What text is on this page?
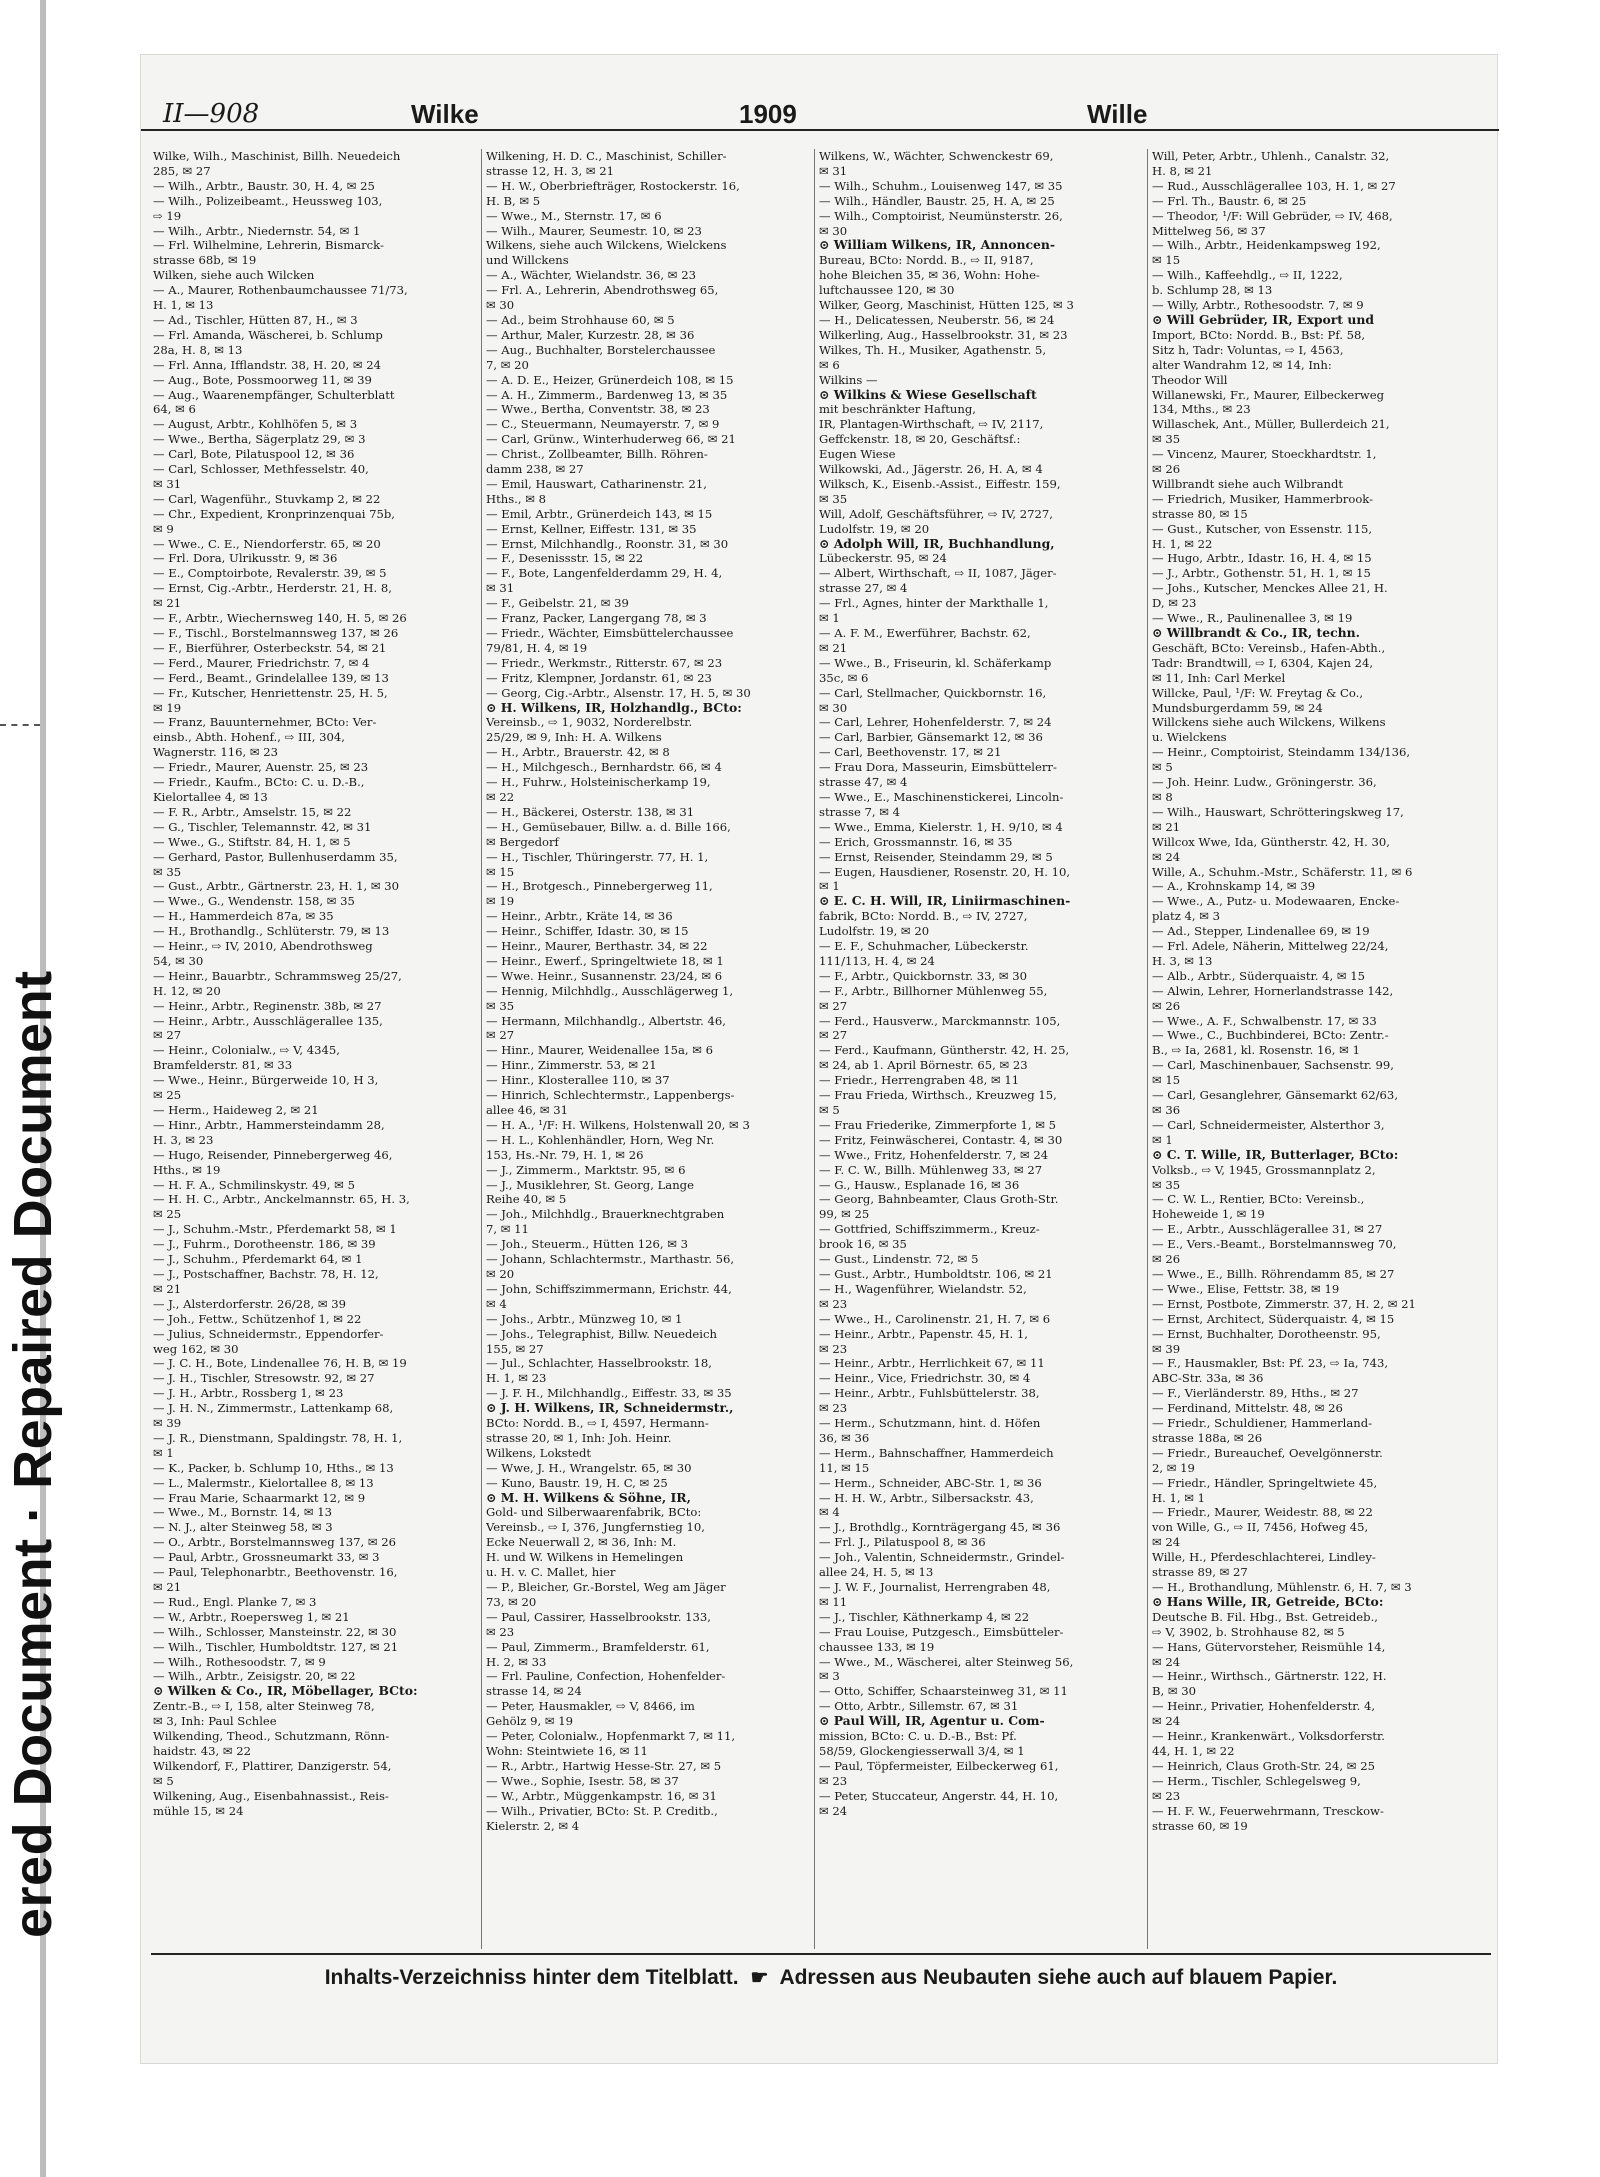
ered Document · Repaired Document
II—908	Wilke	1909	Wille
Wilke, Wilh., Maschinist, Billh. Neuedeich
285, ✉ 27
— Wilh., Arbtr., Baustr. 30, H. 4, ✉ 25
— Wilh., Polizeibeamt., Heussweg 103,
⇨ 19
— Wilh., Arbtr., Niedernstr. 54, ✉ 1
— Frl. Wilhelmine, Lehrerin, Bismarck-
strasse 68b, ✉ 19
Wilken, siehe auch Wilcken
— A., Maurer, Rothenbaumchaussee 71/73,
H. 1, ✉ 13
— Ad., Tischler, Hütten 87, H., ✉ 3
— Frl. Amanda, Wäscherei, b. Schlump
28a, H. 8, ✉ 13
— Frl. Anna, Ifflandstr. 38, H. 20, ✉ 24
— Aug., Bote, Possmoorweg 11, ✉ 39
— Aug., Waarenempfänger, Schulterblatt
64, ✉ 6
— August, Arbtr., Kohlhöfen 5, ✉ 3
— Wwe., Bertha, Sägerplatz 29, ✉ 3
— Carl, Bote, Pilatuspool 12, ✉ 36
— Carl, Schlosser, Methfesselstr. 40,
✉ 31
— Carl, Wagenführ., Stuvkamp 2, ✉ 22
— Chr., Expedient, Kronprinzenquai 75b,
✉ 9
— Wwe., C. E., Niendorferstr. 65, ✉ 20
— Frl. Dora, Ulrikusstr. 9, ✉ 36
— E., Comptoirbote, Revalerstr. 39, ✉ 5
— Ernst, Cig.-Arbtr., Herderstr. 21, H. 8,
✉ 21
— F., Arbtr., Wiechernsweg 140, H. 5, ✉ 26
— F., Tischl., Borstelmannsweg 137, ✉ 26
— F., Bierführer, Osterbeckstr. 54, ✉ 21
— Ferd., Maurer, Friedrichstr. 7, ✉ 4
— Ferd., Beamt., Grindelallee 139, ✉ 13
— Fr., Kutscher, Henriettenstr. 25, H. 5,
✉ 19
— Franz, Bauunternehmer, BCto: Ver-
einsb., Abth. Hohenf., ⇨ III, 304,
Wagnerstr. 116, ✉ 23
— Friedr., Maurer, Auenstr. 25, ✉ 23
— Friedr., Kaufm., BCto: C. u. D.-B.,
Kielortallee 4, ✉ 13
— F. R., Arbtr., Amselstr. 15, ✉ 22
— G., Tischler, Telemannstr. 42, ✉ 31
— Wwe., G., Stiftstr. 84, H. 1, ✉ 5
— Gerhard, Pastor, Bullenhuserdamm 35,
✉ 35
— Gust., Arbtr., Gärtnerstr. 23, H. 1, ✉ 30
— Wwe., G., Wendenstr. 158, ✉ 35
— H., Hammerdeich 87a, ✉ 35
— H., Brothandlg., Schlüterstr. 79, ✉ 13
— Heinr., ⇨ IV, 2010, Abendrothsweg
54, ✉ 30
— Heinr., Bauarbtr., Schrammsweg 25/27,
H. 12, ✉ 20
— Heinr., Arbtr., Reginenstr. 38b, ✉ 27
— Heinr., Arbtr., Ausschlägerallee 135,
✉ 27
— Heinr., Colonialw., ⇨ V, 4345,
Bramfelderstr. 81, ✉ 33
— Wwe., Heinr., Bürgerweide 10, H 3,
✉ 25
— Herm., Haideweg 2, ✉ 21
— Hinr., Arbtr., Hammersteindamm 28,
H. 3, ✉ 23
— Hugo, Reisender, Pinnebergerweg 46,
Hths., ✉ 19
— H. F. A., Schmilinskystr. 49, ✉ 5
— H. H. C., Arbtr., Anckelmannstr. 65, H. 3,
✉ 25
— J., Schuhm.-Mstr., Pferdemarkt 58, ✉ 1
— J., Fuhrm., Dorotheenstr. 186, ✉ 39
— J., Schuhm., Pferdemarkt 64, ✉ 1
— J., Postschaffner, Bachstr. 78, H. 12,
✉ 21
— J., Alsterdorferstr. 26/28, ✉ 39
— Joh., Fettw., Schützenhof 1, ✉ 22
— Julius, Schneidermstr., Eppendorfer-
weg 162, ✉ 30
— J. C. H., Bote, Lindenallee 76, H. B, ✉ 19
— J. H., Tischler, Stresowstr. 92, ✉ 27
— J. H., Arbtr., Rossberg 1, ✉ 23
— J. H. N., Zimmermstr., Lattenkamp 68,
✉ 39
— J. R., Dienstmann, Spaldingstr. 78, H. 1,
✉ 1
— K., Packer, b. Schlump 10, Hths., ✉ 13
— L., Malermstr., Kielortallee 8, ✉ 13
— Frau Marie, Schaarmarkt 12, ✉ 9
— Wwe., M., Bornstr. 14, ✉ 13
— N. J., alter Steinweg 58, ✉ 3
— O., Arbtr., Borstelmannsweg 137, ✉ 26
— Paul, Arbtr., Grossneumarkt 33, ✉ 3
— Paul, Telephonarbtr., Beethovenstr. 16,
✉ 21
— Rud., Engl. Planke 7, ✉ 3
— W., Arbtr., Roepersweg 1, ✉ 21
— Wilh., Schlosser, Mansteinstr. 22, ✉ 30
— Wilh., Tischler, Humboldtstr. 127, ✉ 21
— Wilh., Rothesoodstr. 7, ✉ 9
— Wilh., Arbtr., Zeisigstr. 20, ✉ 22
⊙ Wilken & Co., IR, Möbellager, BCto:
Zentr.-B., ⇨ I, 158, alter Steinweg 78,
✉ 3, Inh: Paul Schlee
Wilkending, Theod., Schutzmann, Rönn-
haidstr. 43, ✉ 22
Wilkendorf, F., Plattirer, Danzigerstr. 54,
✉ 5
Wilkening, Aug., Eisenbahnassist., Reis-
mühle 15, ✉ 24
Wilkening, H. D. C., Maschinist, Schiller-
strasse 12, H. 3, ✉ 21
— H. W., Oberbriefträger, Rostockerstr. 16,
H. B, ✉ 5
— Wwe., M., Sternstr. 17, ✉ 6
— Wilh., Maurer, Seumestr. 10, ✉ 23
Wilkens, siehe auch Wilckens, Wielckens
und Willckens
— A., Wächter, Wielandstr. 36, ✉ 23
— Frl. A., Lehrerin, Abendrothsweg 65,
✉ 30
— Ad., beim Strohhause 60, ✉ 5
— Arthur, Maler, Kurzestr. 28, ✉ 36
— Aug., Buchhalter, Borstelerchaussee
7, ✉ 20
— A. D. E., Heizer, Grünerdeich 108, ✉ 15
— A. H., Zimmerm., Bardenweg 13, ✉ 35
— Wwe., Bertha, Conventstr. 38, ✉ 23
— C., Steuermann, Neumayerstr. 7, ✉ 9
— Carl, Grünw., Winterhuderweg 66, ✉ 21
— Christ., Zollbeamter, Billh. Röhren-
damm 238, ✉ 27
— Emil, Hauswart, Catharinenstr. 21,
Hths., ✉ 8
— Emil, Arbtr., Grünerdeich 143, ✉ 15
— Ernst, Kellner, Eiffestr. 131, ✉ 35
— Ernst, Milchhandlg., Roonstr. 31, ✉ 30
— F., Desenissstr. 15, ✉ 22
— F., Bote, Langenfelderdamm 29, H. 4,
✉ 31
— F., Geibelstr. 21, ✉ 39
— Franz, Packer, Langergang 78, ✉ 3
— Friedr., Wächter, Eimsbüttelerchaussee
79/81, H. 4, ✉ 19
— Friedr., Werkmstr., Ritterstr. 67, ✉ 23
— Fritz, Klempner, Jordanstr. 61, ✉ 23
— Georg, Cig.-Arbtr., Alsenstr. 17, H. 5, ✉ 30
⊙ H. Wilkens, IR, Holzhandlg., BCto:
Vereinsb., ⇨ 1, 9032, Norderelbstr.
25/29, ✉ 9, Inh: H. A. Wilkens
— H., Arbtr., Brauerstr. 42, ✉ 8
— H., Milchgesch., Bernhardstr. 66, ✉ 4
— H., Fuhrw., Holsteinischerkamp 19,
✉ 22
— H., Bäckerei, Osterstr. 138, ✉ 31
— H., Gemüsebauer, Billw. a. d. Bille 166,
✉ Bergedorf
— H., Tischler, Thüringerstr. 77, H. 1,
✉ 15
— H., Brotgesch., Pinnebergerweg 11,
✉ 19
— Heinr., Arbtr., Kräte 14, ✉ 36
— Heinr., Schiffer, Idastr. 30, ✉ 15
— Heinr., Maurer, Berthastr. 34, ✉ 22
— Heinr., Ewerf., Springeltwiete 18, ✉ 1
— Wwe. Heinr., Susannenstr. 23/24, ✉ 6
— Hennig, Milchhdlg., Ausschlägerweg 1,
✉ 35
— Hermann, Milchhandlg., Albertstr. 46,
✉ 27
— Hinr., Maurer, Weidenallee 15a, ✉ 6
— Hinr., Zimmerstr. 53, ✉ 21
— Hinr., Klosterallee 110, ✉ 37
— Hinrich, Schlechtermstr., Lappenbergs-
allee 46, ✉ 31
— H. A., ¹/F: H. Wilkens, Holstenwall 20, ✉ 3
— H. L., Kohlenhändler, Horn, Weg Nr.
153, Hs.-Nr. 79, H. 1, ✉ 26
— J., Zimmerm., Marktstr. 95, ✉ 6
— J., Musiklehrer, St. Georg, Lange
Reihe 40, ✉ 5
— Joh., Milchhdlg., Brauerknechtgraben
7, ✉ 11
— Joh., Steuerm., Hütten 126, ✉ 3
— Johann, Schlachtermstr., Marthastr. 56,
✉ 20
— John, Schiffszimmermann, Erichstr. 44,
✉ 4
— Johs., Arbtr., Münzweg 10, ✉ 1
— Johs., Telegraphist, Billw. Neuedeich
155, ✉ 27
— Jul., Schlachter, Hasselbrookstr. 18,
H. 1, ✉ 23
— J. F. H., Milchhandlg., Eiffestr. 33, ✉ 35
⊙ J. H. Wilkens, IR, Schneidermstr.,
BCto: Nordd. B., ⇨ I, 4597, Hermann-
strasse 20, ✉ 1, Inh: Joh. Heinr.
Wilkens, Lokstedt
— Wwe, J. H., Wrangelstr. 65, ✉ 30
— Kuno, Baustr. 19, H. C, ✉ 25
⊙ M. H. Wilkens & Söhne, IR,
Gold- und Silberwaarenfabrik, BCto:
Vereinsb., ⇨ I, 376, Jungfernstieg 10,
Ecke Neuerwall 2, ✉ 36, Inh: M.
H. und W. Wilkens in Hemelingen
u. H. v. C. Mallet, hier
— P., Bleicher, Gr.-Borstel, Weg am Jäger
73, ✉ 20
— Paul, Cassirer, Hasselbrookstr. 133,
✉ 23
— Paul, Zimmerm., Bramfelderstr. 61,
H. 2, ✉ 33
— Frl. Pauline, Confection, Hohenfelder-
strasse 14, ✉ 24
— Peter, Hausmakler, ⇨ V, 8466, im
Gehölz 9, ✉ 19
— Peter, Colonialw., Hopfenmarkt 7, ✉ 11,
Wohn: Steintwiete 16, ✉ 11
— R., Arbtr., Hartwig Hesse-Str. 27, ✉ 5
— Wwe., Sophie, Isestr. 58, ✉ 37
— W., Arbtr., Müggenkampstr. 16, ✉ 31
— Wilh., Privatier, BCto: St. P. Creditb.,
Kielerstr. 2, ✉ 4
Wilkens, W., Wächter, Schwenckestr 69,
✉ 31
— Wilh., Schuhm., Louisenweg 147, ✉ 35
— Wilh., Händler, Baustr. 25, H. A, ✉ 25
— Wilh., Comptoirist, Neumünsterstr. 26,
✉ 30
⊙ William Wilkens, IR, Annoncen-
Bureau, BCto: Nordd. B., ⇨ II, 9187,
hohe Bleichen 35, ✉ 36, Wohn: Hohe-
luftchaussee 120, ✉ 30
Wilker, Georg, Maschinist, Hütten 125, ✉ 3
— H., Delicatessen, Neuberstr. 56, ✉ 24
Wilkerling, Aug., Hasselbrookstr. 31, ✉ 23
Wilkes, Th. H., Musiker, Agathenstr. 5,
✉ 6
Wilkins —
⊙ Wilkins & Wiese Gesellschaft
mit beschränkter Haftung,
IR, Plantagen-Wirthschaft, ⇨ IV, 2117,
Geffckenstr. 18, ✉ 20, Geschäftsf.:
Eugen Wiese
Wilkowski, Ad., Jägerstr. 26, H. A, ✉ 4
Wilksch, K., Eisenb.-Assist., Eiffestr. 159,
✉ 35
Will, Adolf, Geschäftsführer, ⇨ IV, 2727,
Ludolfstr. 19, ✉ 20
⊙ Adolph Will, IR, Buchhandlung,
Lübeckerstr. 95, ✉ 24
— Albert, Wirthschaft, ⇨ II, 1087, Jäger-
strasse 27, ✉ 4
— Frl., Agnes, hinter der Markthalle 1,
✉ 1
— A. F. M., Ewerführer, Bachstr. 62,
✉ 21
— Wwe., B., Friseurin, kl. Schäferkamp
35c, ✉ 6
— Carl, Stellmacher, Quickbornstr. 16,
✉ 30
— Carl, Lehrer, Hohenfelderstr. 7, ✉ 24
— Carl, Barbier, Gänsemarkt 12, ✉ 36
— Carl, Beethovenstr. 17, ✉ 21
— Frau Dora, Masseurin, Eimsbüttelerr-
strasse 47, ✉ 4
— Wwe., E., Maschinenstickerei, Lincoln-
strasse 7, ✉ 4
— Wwe., Emma, Kielerstr. 1, H. 9/10, ✉ 4
— Erich, Grossmannstr. 16, ✉ 35
— Ernst, Reisender, Steindamm 29, ✉ 5
— Eugen, Hausdiener, Rosenstr. 20, H. 10,
✉ 1
⊙ E. C. H. Will, IR, Liniirmaschinen-
fabrik, BCto: Nordd. B., ⇨ IV, 2727,
Ludolfstr. 19, ✉ 20
— E. F., Schuhmacher, Lübeckerstr.
111/113, H. 4, ✉ 24
— F., Arbtr., Quickbornstr. 33, ✉ 30
— F., Arbtr., Billhorner Mühlenweg 55,
✉ 27
— Ferd., Hausverw., Marckmannstr. 105,
✉ 27
— Ferd., Kaufmann, Güntherstr. 42, H. 25,
✉ 24, ab 1. April Börnestr. 65, ✉ 23
— Friedr., Herrengraben 48, ✉ 11
— Frau Frieda, Wirthsch., Kreuzweg 15,
✉ 5
— Frau Friederike, Zimmerpforte 1, ✉ 5
— Fritz, Feinwäscherei, Contastr. 4, ✉ 30
— Wwe., Fritz, Hohenfelderstr. 7, ✉ 24
— F. C. W., Billh. Mühlenweg 33, ✉ 27
— G., Hausw., Esplanade 16, ✉ 36
— Georg, Bahnbeamter, Claus Groth-Str.
99, ✉ 25
— Gottfried, Schiffszimmerm., Kreuz-
brook 16, ✉ 35
— Gust., Lindenstr. 72, ✉ 5
— Gust., Arbtr., Humboldtstr. 106, ✉ 21
— H., Wagenführer, Wielandstr. 52,
✉ 23
— Wwe., H., Carolinenstr. 21, H. 7, ✉ 6
— Heinr., Arbtr., Papenstr. 45, H. 1,
✉ 23
— Heinr., Arbtr., Herrlichkeit 67, ✉ 11
— Heinr., Vice, Friedrichstr. 30, ✉ 4
— Heinr., Arbtr., Fuhlsbüttelerstr. 38,
✉ 23
— Herm., Schutzmann, hint. d. Höfen
36, ✉ 36
— Herm., Bahnschaffner, Hammerdeich
11, ✉ 15
— Herm., Schneider, ABC-Str. 1, ✉ 36
— H. H. W., Arbtr., Silbersackstr. 43,
✉ 4
— J., Brothdlg., Kornträgergang 45, ✉ 36
— Frl. J., Pilatuspool 8, ✉ 36
— Joh., Valentin, Schneidermstr., Grindel-
allee 24, H. 5, ✉ 13
— J. W. F., Journalist, Herrengraben 48,
✉ 11
— J., Tischler, Käthnerkamp 4, ✉ 22
— Frau Louise, Putzgesch., Eimsbütteler-
chaussee 133, ✉ 19
— Wwe., M., Wäscherei, alter Steinweg 56,
✉ 3
— Otto, Schiffer, Schaarsteinweg 31, ✉ 11
— Otto, Arbtr., Sillemstr. 67, ✉ 31
⊙ Paul Will, IR, Agentur u. Com-
mission, BCto: C. u. D.-B., Bst: Pf.
58/59, Glockengiesserwall 3/4, ✉ 1
— Paul, Töpfermeister, Eilbeckerweg 61,
✉ 23
— Peter, Stuccateur, Angerstr. 44, H. 10,
✉ 24
Will, Peter, Arbtr., Uhlenh., Canalstr. 32,
H. 8, ✉ 21
— Rud., Ausschlägerallee 103, H. 1, ✉ 27
— Frl. Th., Baustr. 6, ✉ 25
— Theodor, ¹/F: Will Gebrüder, ⇨ IV, 468,
Mittelweg 56, ✉ 37
— Wilh., Arbtr., Heidenkampsweg 192,
✉ 15
— Wilh., Kaffeehdlg., ⇨ II, 1222,
b. Schlump 28, ✉ 13
— Willy, Arbtr., Rothesoodstr. 7, ✉ 9
⊙ Will Gebrüder, IR, Export und
Import, BCto: Nordd. B., Bst: Pf. 58,
Sitz h, Tadr: Voluntas, ⇨ I, 4563,
alter Wandrahm 12, ✉ 14, Inh:
Theodor Will
Willanewski, Fr., Maurer, Eilbeckerweg
134, Mths., ✉ 23
Willaschek, Ant., Müller, Bullerdeich 21,
✉ 35
— Vincenz, Maurer, Stoeckhardtstr. 1,
✉ 26
Willbrandt siehe auch Wilbrandt
— Friedrich, Musiker, Hammerbrook-
strasse 80, ✉ 15
— Gust., Kutscher, von Essenstr. 115,
H. 1, ✉ 22
— Hugo, Arbtr., Idastr. 16, H. 4, ✉ 15
— J., Arbtr., Gothenstr. 51, H. 1, ✉ 15
— Johs., Kutscher, Menckes Allee 21, H.
D, ✉ 23
— Wwe., R., Paulinenallee 3, ✉ 19
⊙ Willbrandt & Co., IR, techn.
Geschäft, BCto: Vereinsb., Hafen-Abth.,
Tadr: Brandtwill, ⇨ I, 6304, Kajen 24,
✉ 11, Inh: Carl Merkel
Willcke, Paul, ¹/F: W. Freytag & Co.,
Mundsburgerdamm 59, ✉ 24
Willckens siehe auch Wilckens, Wilkens
u. Wielckens
— Heinr., Comptoirist, Steindamm 134/136,
✉ 5
— Joh. Heinr. Ludw., Gröningerstr. 36,
✉ 8
— Wilh., Hauswart, Schrötteringskweg 17,
✉ 21
Willcox Wwe, Ida, Güntherstr. 42, H. 30,
✉ 24
Wille, A., Schuhm.-Mstr., Schäferstr. 11, ✉ 6
— A., Krohnskamp 14, ✉ 39
— Wwe., A., Putz- u. Modewaaren, Enckе-
platz 4, ✉ 3
— Ad., Stepper, Lindenallee 69, ✉ 19
— Frl. Adele, Näherin, Mittelweg 22/24,
H. 3, ✉ 13
— Alb., Arbtr., Süderquaistr. 4, ✉ 15
— Alwin, Lehrer, Hornerlandstrasse 142,
✉ 26
— Wwe., A. F., Schwalbenstr. 17, ✉ 33
— Wwe., C., Buchbinderei, BCto: Zentr.-
B., ⇨ Ia, 2681, kl. Rosenstr. 16, ✉ 1
— Carl, Maschinenbauer, Sachsenstr. 99,
✉ 15
— Carl, Gesanglehrer, Gänsemarkt 62/63,
✉ 36
— Carl, Schneidermeister, Alsterthor 3,
✉ 1
⊙ C. T. Wille, IR, Butterlager, BCto:
Volksb., ⇨ V, 1945, Grossmannplatz 2,
✉ 35
— C. W. L., Rentier, BCto: Vereinsb.,
Hoheweide 1, ✉ 19
— E., Arbtr., Ausschlägerallee 31, ✉ 27
— E., Vers.-Beamt., Borstelmannsweg 70,
✉ 26
— Wwe., E., Billh. Röhrendamm 85, ✉ 27
— Wwe., Elise, Fettstr. 38, ✉ 19
— Ernst, Postbote, Zimmerstr. 37, H. 2, ✉ 21
— Ernst, Architect, Süderquaistr. 4, ✉ 15
— Ernst, Buchhalter, Dorotheenstr. 95,
✉ 39
— F., Hausmakler, Bst: Pf. 23, ⇨ Ia, 743,
ABC-Str. 33a, ✉ 36
— F., Vierländerstr. 89, Hths., ✉ 27
— Ferdinand, Mittelstr. 48, ✉ 26
— Friedr., Schuldiener, Hammerland-
strasse 188a, ✉ 26
— Friedr., Bureauchef, Oevelgönnerstr.
2, ✉ 19
— Friedr., Händler, Springeltwiete 45,
H. 1, ✉ 1
— Friedr., Maurer, Weidestr. 88, ✉ 22
von Wille, G., ⇨ II, 7456, Hofweg 45,
✉ 24
Wille, H., Pferdeschlachterei, Lindley-
strasse 89, ✉ 27
— H., Brothandlung, Mühlenstr. 6, H. 7, ✉ 3
⊙ Hans Wille, IR, Getreide, BCto:
Deutsche B. Fil. Hbg., Bst. Getreideb.,
⇨ V, 3902, b. Strohhause 82, ✉ 5
— Hans, Gütervorsteher, Reismühle 14,
✉ 24
— Heinr., Wirthsch., Gärtnerstr. 122, H.
B, ✉ 30
— Heinr., Privatier, Hohenfelderstr. 4,
✉ 24
— Heinr., Krankenwärt., Volksdorferstr.
44, H. 1, ✉ 22
— Heinrich, Claus Groth-Str. 24, ✉ 25
— Herm., Tischler, Schlegelsweg 9,
✉ 23
— H. F. W., Feuerwehrmann, Tresckow-
strasse 60, ✉ 19
Inhalts-Verzeichniss hinter dem Titelblatt. ☛ Adressen aus Neubauten siehe auch auf blauem Papier.
